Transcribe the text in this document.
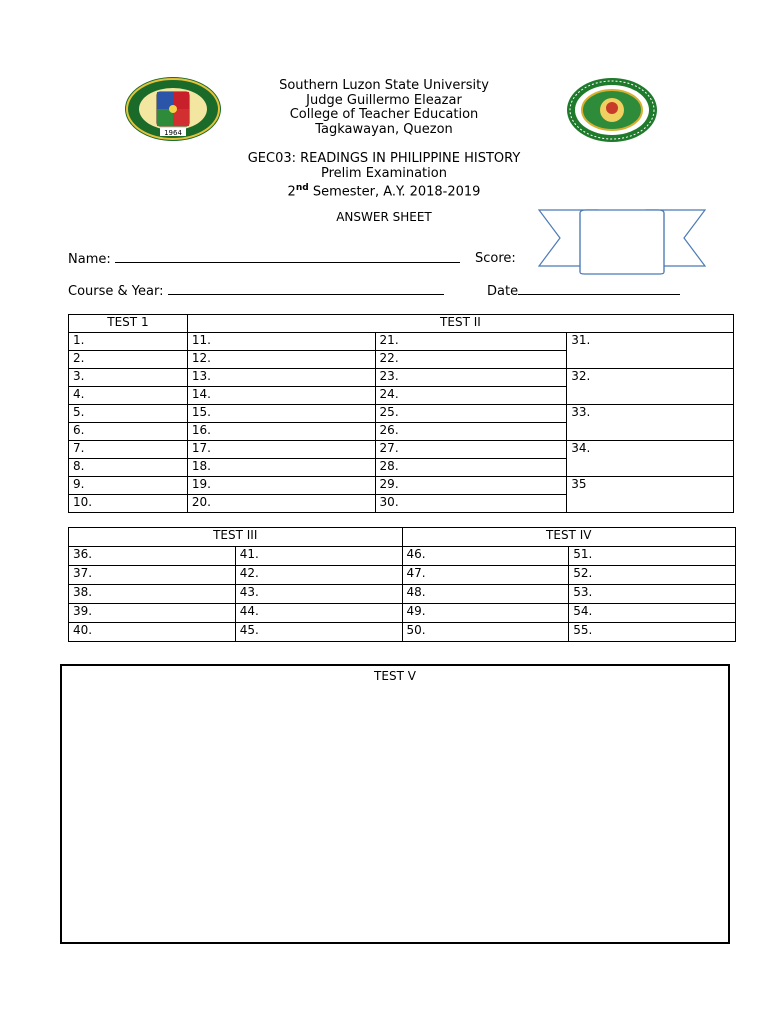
1964
Southern Luzon State University
Judge Guillermo Eleazar
College of Teacher Education
Tagkawayan, Quezon
GEC03: READINGS IN PHILIPPINE HISTORY
Prelim Examination
2nd Semester, A.Y. 2018-2019
ANSWER SHEET
Name:	Score:
Course & Year:	Date
TEST 1	TEST II		
1.	11.	21.	31.
2.	12.	22.	
3.	13.	23.	32.
4.	14.	24.	
5.	15.	25.	33.
6.	16.	26.	
7.	17.	27.	34.
8.	18.	28.	
9.	19.	29.	35
10.	20.	30.	
TEST III		TEST IV	
36.	41.	46.	51.
37.	42.	47.	52.
38.	43.	48.	53.
39.	44.	49.	54.
40.	45.	50.	55.
TEST V
